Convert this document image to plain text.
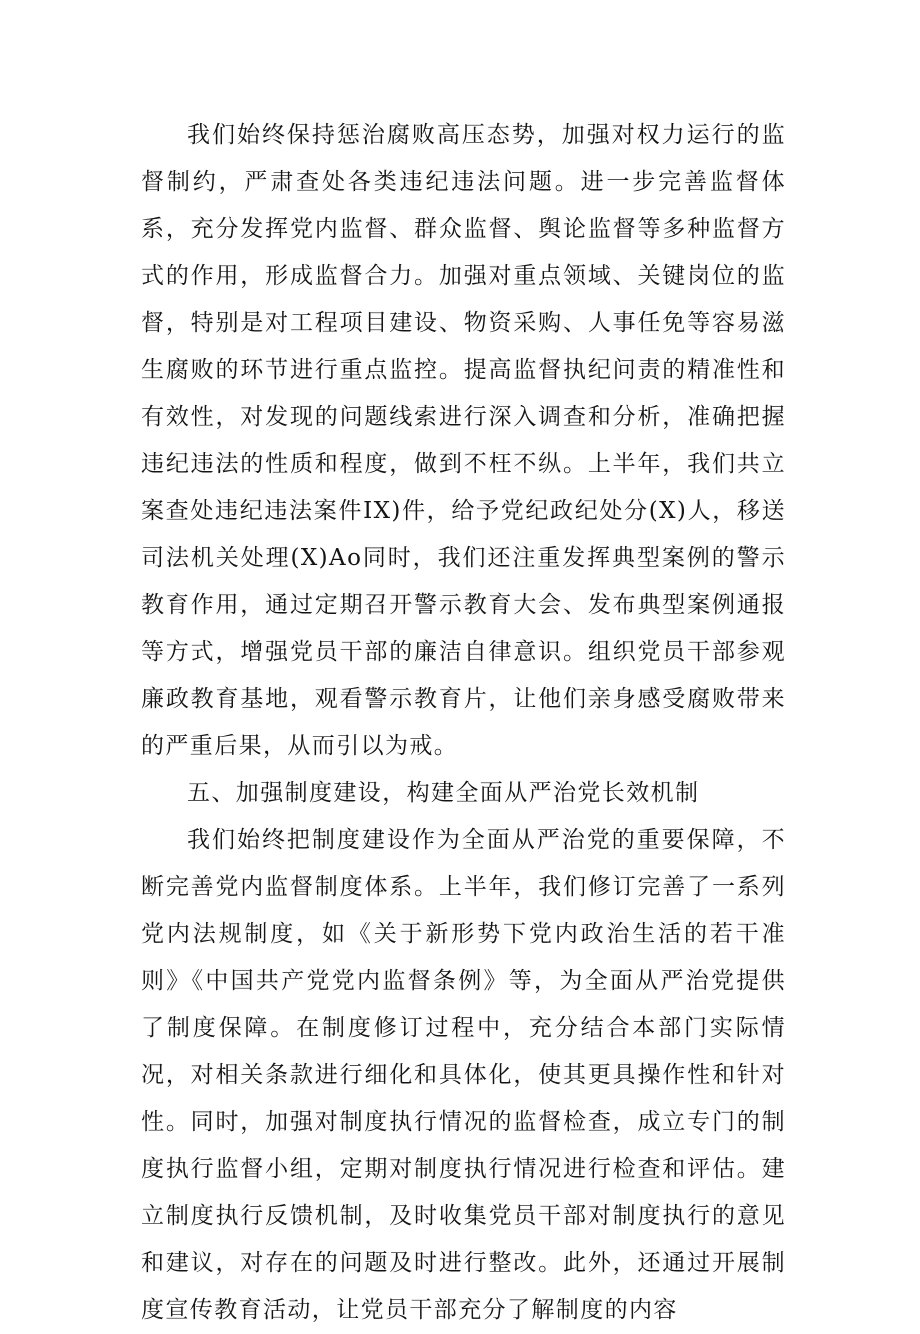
我们始终保持惩治腐败高压态势，加强对权力运行的监督制约，严肃查处各类违纪违法问题。进一步完善监督体系，充分发挥党内监督、群众监督、舆论监督等多种监督方式的作用，形成监督合力。加强对重点领域、关键岗位的监督，特别是对工程项目建设、物资采购、人事任免等容易滋生腐败的环节进行重点监控。提高监督执纪问责的精准性和有效性，对发现的问题线索进行深入调查和分析，准确把握违纪违法的性质和程度，做到不枉不纵。上半年，我们共立案查处违纪违法案件IX)件，给予党纪政纪处分(X)人，移送司法机关处理(X)Ao同时，我们还注重发挥典型案例的警示教育作用，通过定期召开警示教育大会、发布典型案例通报等方式，增强党员干部的廉洁自律意识。组织党员干部参观廉政教育基地，观看警示教育片，让他们亲身感受腐败带来的严重后果，从而引以为戒。

五、加强制度建设，构建全面从严治党长效机制

我们始终把制度建设作为全面从严治党的重要保障，不断完善党内监督制度体系。上半年，我们修订完善了一系列党内法规制度，如《关于新形势下党内政治生活的若干准则》《中国共产党党内监督条例》等，为全面从严治党提供了制度保障。在制度修订过程中，充分结合本部门实际情况，对相关条款进行细化和具体化，使其更具操作性和针对性。同时，加强对制度执行情况的监督检查，成立专门的制度执行监督小组，定期对制度执行情况进行检查和评估。建立制度执行反馈机制，及时收集党员干部对制度执行的意见和建议，对存在的问题及时进行整改。此外，还通过开展制度宣传教育活动，让党员干部充分了解制度的内容
